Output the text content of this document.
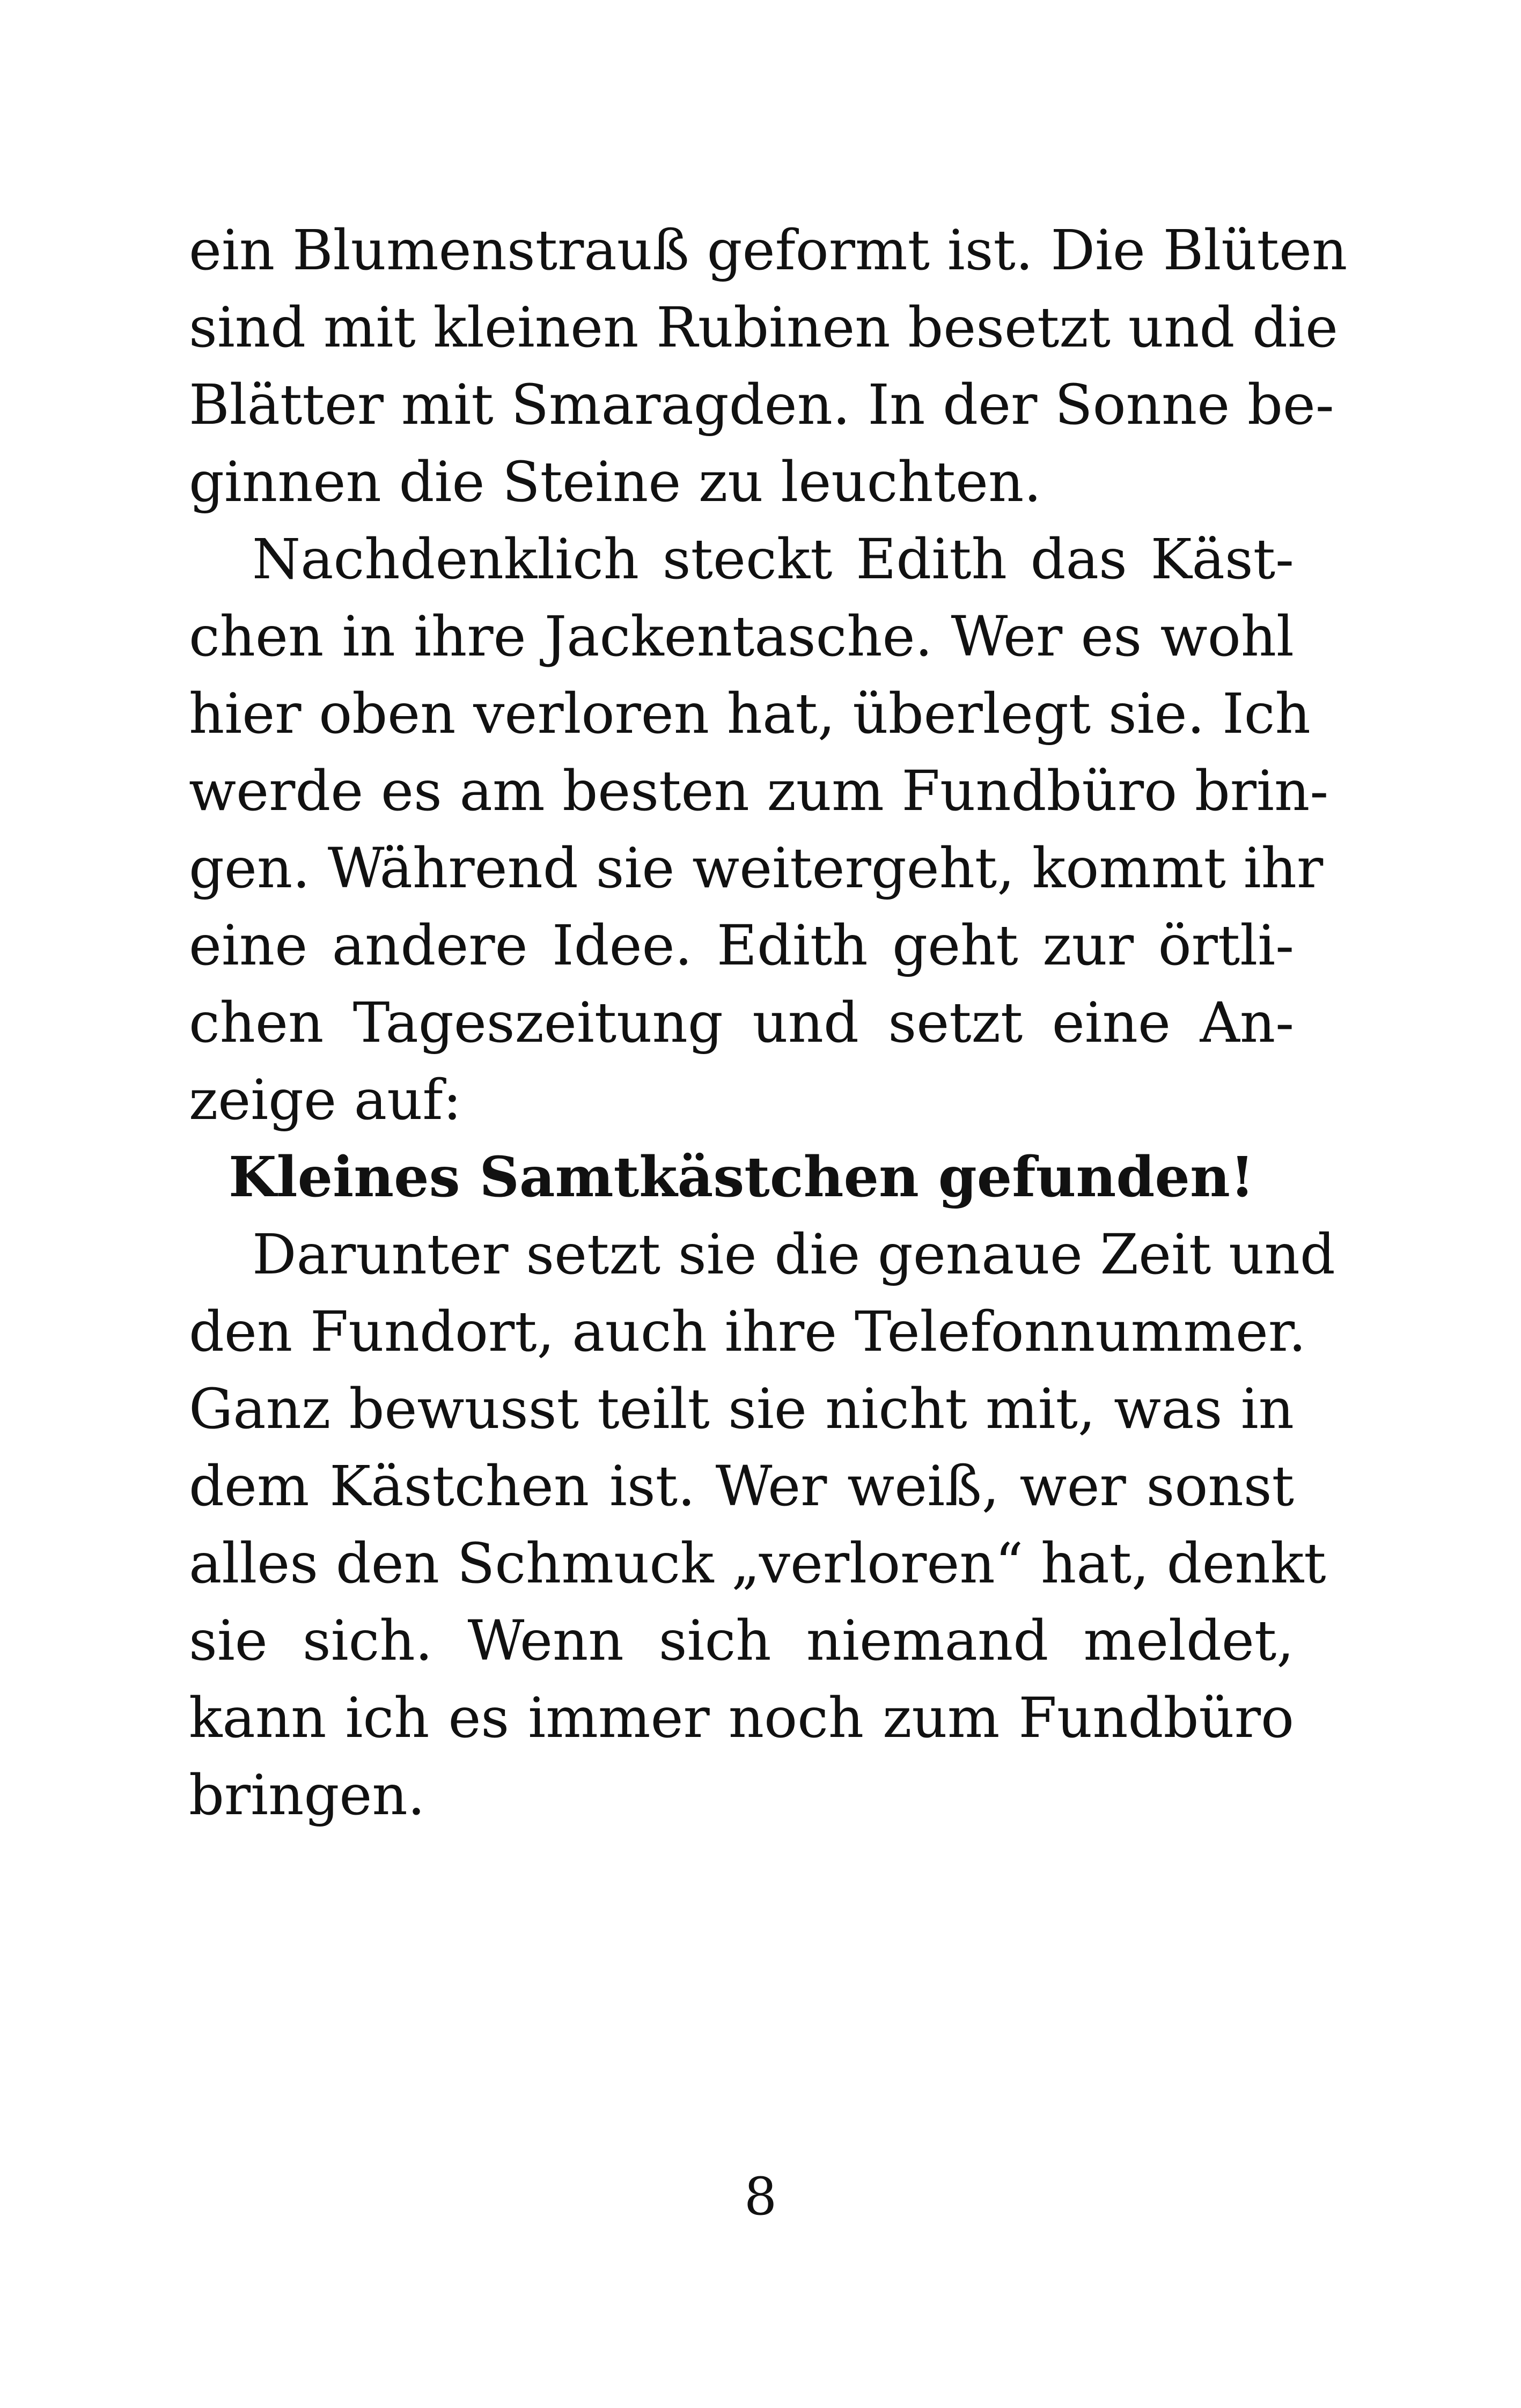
ein Blumenstrauß geformt ist. Die Blüten
sind mit kleinen Rubinen besetzt und die
Blätter mit Smaragden. In der Sonne be-
ginnen die Steine zu leuchten.
Nachdenklich steckt Edith das Käst-
chen in ihre Jackentasche. Wer es wohl
hier oben verloren hat, überlegt sie. Ich
werde es am besten zum Fundbüro brin-
gen. Während sie weitergeht, kommt ihr
eine andere Idee. Edith geht zur örtli-
chen Tageszeitung und setzt eine An-
zeige auf:
Kleines Samtkästchen gefunden!
Darunter setzt sie die genaue Zeit und
den Fundort, auch ihre Telefonnummer.
Ganz bewusst teilt sie nicht mit, was in
dem Kästchen ist. Wer weiß, wer sonst
alles den Schmuck „verloren“ hat, denkt
sie sich. Wenn sich niemand meldet,
kann ich es immer noch zum Fundbüro
bringen.
8
